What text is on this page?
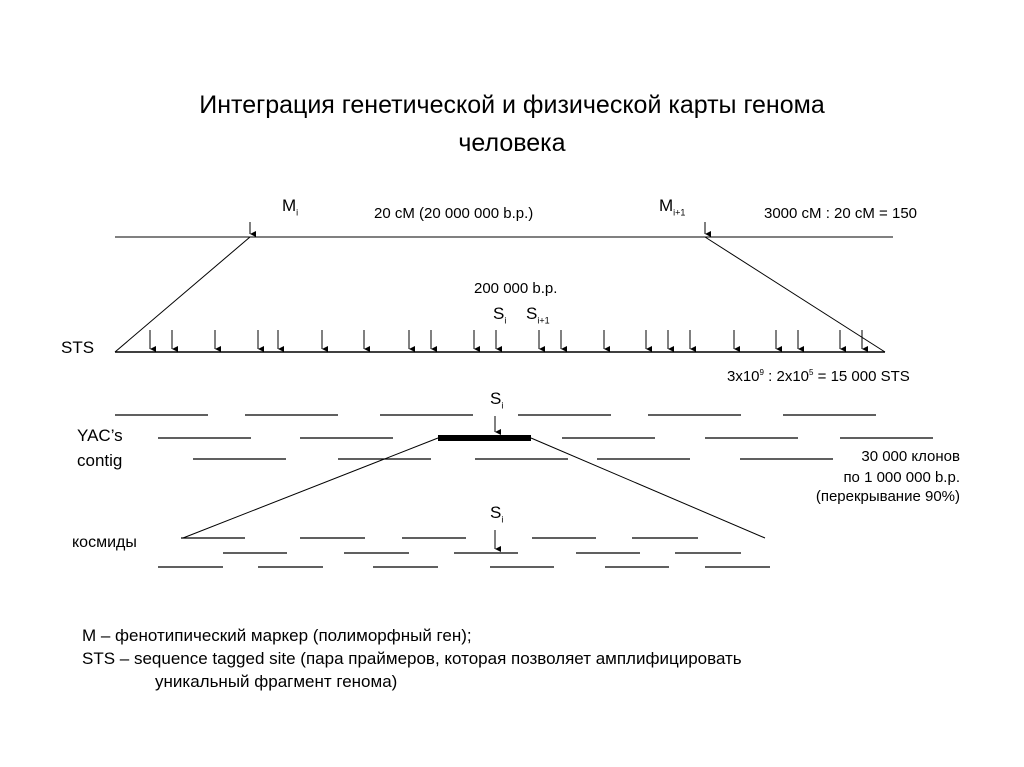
Интеграция генетической и физической карты генома
человека
$M_i$	20 cM (20 000 000 b.p.)	$M_{i+1}$	3000 cM : 20 cM = 150
200 000 b.p.
$S_i$ $S_{i+1}$
STS
$3x10^9$ : $2x10^5 = 15$ 000 STS
$S_i$
YAC’s
contig	30 000 клонов
по 1 000 000 b.p.
(перекрывание 90%)
$S_i$
космиды
M – фенотипический маркер (полиморфный ген);
STS – sequence tagged site (пара праймеров, которая позволяет амплифицировать
уникальный фрагмент генома)
